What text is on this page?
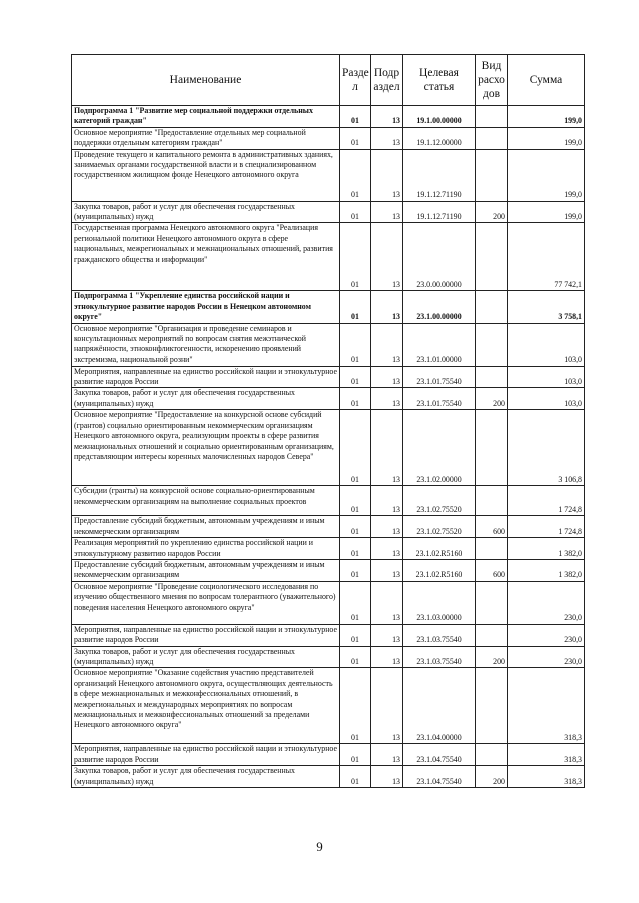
Наименование	Разде л	Подр аздел	Целевая статья	Вид расхо дов	Сумма
Подпрограмма 1 "Развитие мер социальной поддержки отдельных категорий граждан"	01	13	19.1.00.00000		199,0
Основное мероприятие "Предоставление отдельных мер социальной поддержки отдельным категориям граждан"	01	13	19.1.12.00000		199,0
Проведение текущего и капитального ремонта в административных зданиях, занимаемых органами государственной власти и в специализированном государственном жилищном фонде Ненецкого автономного округа	01	13	19.1.12.71190		199,0
Закупка товаров, работ и услуг для обеспечения государственных (муниципальных) нужд	01	13	19.1.12.71190	200	199,0
Государственная программа Ненецкого автономного округа "Реализация региональной политики Ненецкого автономного округа в сфере национальных, межрегиональных и межнациональных отношений, развития гражданского общества и информации"	01	13	23.0.00.00000		77 742,1
Подпрограмма 1 "Укрепление единства российской нации и этнокультурное развитие народов России в Ненецком автономном округе"	01	13	23.1.00.00000		3 758,1
Основное мероприятие "Организация и проведение семинаров и консультационных мероприятий по вопросам снятия межэтнической напряжённости, этноконфликтогенности, искоренению проявлений экстремизма, национальной розни"	01	13	23.1.01.00000		103,0
Мероприятия, направленные на единство российской нации и этнокультурное развитие народов России	01	13	23.1.01.75540		103,0
Закупка товаров, работ и услуг для обеспечения государственных (муниципальных) нужд	01	13	23.1.01.75540	200	103,0
Основное мероприятие "Предоставление на конкурсной основе субсидий (грантов) социально ориентированным некоммерческим организациям Ненецкого автономного округа, реализующим проекты в сфере развития межнациональных отношений и социально ориентированным организациям, представляющим интересы коренных малочисленных народов Севера"	01	13	23.1.02.00000		3 106,8
Субсидии (гранты) на конкурсной основе социально-ориентированным некоммерческим организациям на выполнение социальных проектов	01	13	23.1.02.75520		1 724,8
Предоставление субсидий бюджетным, автономным учреждениям и иным некоммерческим организациям	01	13	23.1.02.75520	600	1 724,8
Реализация мероприятий по укреплению единства российской нации и этнокультурному развитию народов России	01	13	23.1.02.R5160		1 382,0
Предоставление субсидий бюджетным, автономным учреждениям и иным некоммерческим организациям	01	13	23.1.02.R5160	600	1 382,0
Основное мероприятие "Проведение социологического исследования по изучению общественного мнения по вопросам толерантного (уважительного) поведения населения Ненецкого автономного округа"	01	13	23.1.03.00000		230,0
Мероприятия, направленные на единство российской нации и этнокультурное развитие народов России	01	13	23.1.03.75540		230,0
Закупка товаров, работ и услуг для обеспечения государственных (муниципальных) нужд	01	13	23.1.03.75540	200	230,0
Основное мероприятие "Оказание содействия участию представителей организаций Ненецкого автономного округа, осуществляющих деятельность в сфере межнациональных и межконфессиональных отношений, в межрегиональных и международных мероприятиях по вопросам межнациональных и межконфессиональных отношений за пределами Ненецкого автономного округа"	01	13	23.1.04.00000		318,3
Мероприятия, направленные на единство российской нации и этнокультурное развитие народов России	01	13	23.1.04.75540		318,3
Закупка товаров, работ и услуг для обеспечения государственных (муниципальных) нужд	01	13	23.1.04.75540	200	318,3
9
